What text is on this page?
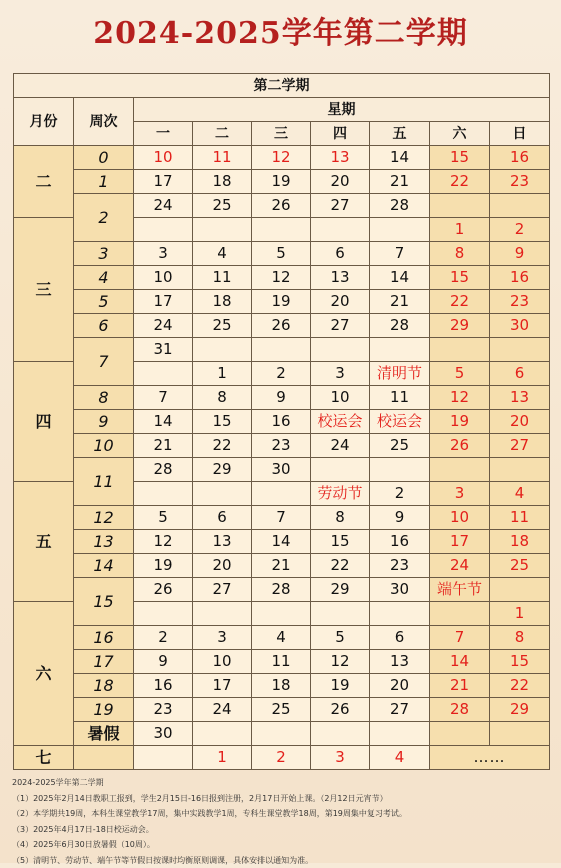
2024-2025学年第二学期
第二学期								
月份	周次	星期						
		一	二	三	四	五	六	日
二	0	10	11	12	13	14	15	16
	1	17	18	19	20	21	22	23
	2	24	25	26	27	28		
三							1	2
	3	3	4	5	6	7	8	9
	4	10	11	12	13	14	15	16
	5	17	18	19	20	21	22	23
	6	24	25	26	27	28	29	30
	7	31						
四			1	2	3	清明节	5	6
	8	7	8	9	10	11	12	13
	9	14	15	16	校运会	校运会	19	20
	10	21	22	23	24	25	26	27
	11	28	29	30				
五					劳动节	2	3	4
	12	5	6	7	8	9	10	11
	13	12	13	14	15	16	17	18
	14	19	20	21	22	23	24	25
	15	26	27	28	29	30	端午节	
六								1
	16	2	3	4	5	6	7	8
	17	9	10	11	12	13	14	15
	18	16	17	18	19	20	21	22
	19	23	24	25	26	27	28	29
	暑假	30						
七			1	2	3	4	……	
2024-2025学年第二学期
（1）2025年2月14日教职工报到，学生2月15日-16日报到注册，2月17日开始上课。（2月12日元宵节）
（2）本学期共19周，本科生课堂教学17周，集中实践教学1周，专科生课堂教学18周，第19周集中复习考试。
（3）2025年4月17日-18日校运动会。
（4）2025年6月30日放暑假（10周）。
（5）清明节、劳动节、端午节等节假日按课时均衡原则调课，具体安排以通知为准。
